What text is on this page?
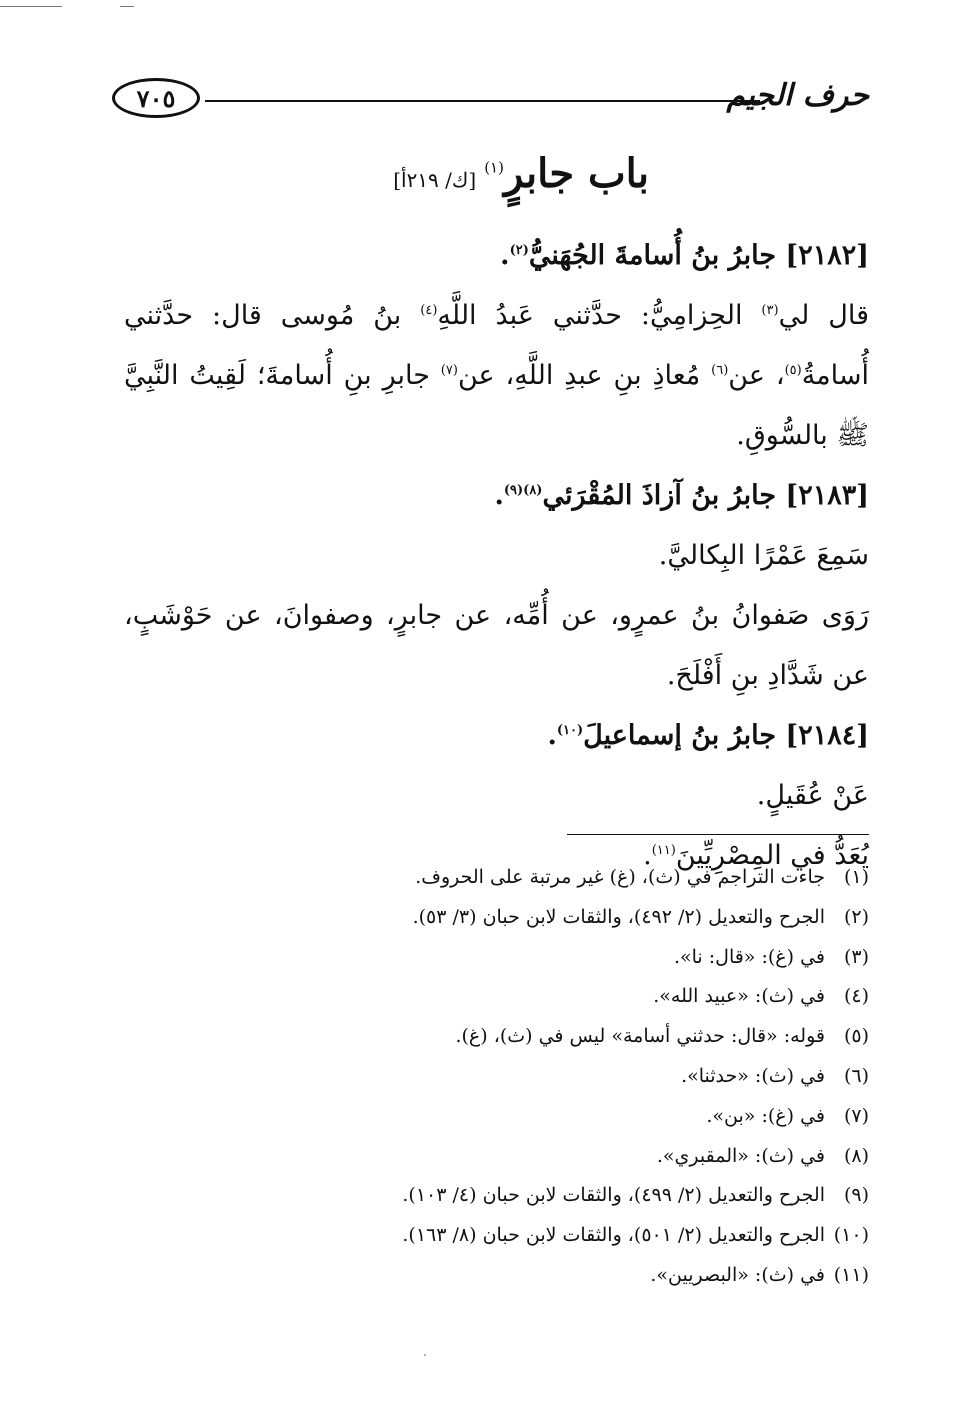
حرف الجيم
٧٠٥
باب جابرٍ$^{(١)}$[ك/ ٢١٩أ]

[٢١٨٢] جابرُ بنُ أُسامةَ الجُهَنيُّ$^{(٢)}$.

قال لي$^{(٣)}$ الحِزامِيُّ: حدَّثني عَبدُ اللَّهِ$^{(٤)}$ بنُ مُوسى قال: حدَّثني أُسامةُ$^{(٥)}$، عن$^{(٦)}$ مُعاذِ بنِ عبدِ اللَّهِ، عن$^{(٧)}$ جابرِ بنِ أُسامةَ؛ لَقِيتُ النَّبِيَّ ﷺ بالسُّوقِ.

[٢١٨٣] جابرُ بنُ آزاذَ المُقْرَئي$^{(٨)(٩)}$.

سَمِعَ عَمْرًا البِكاليَّ.

رَوَى صَفوانُ بنُ عمرٍو، عن أُمِّه، عن جابرٍ، وصفوانَ، عن حَوْشَبٍ، عن شَدَّادِ بنِ أَفْلَحَ.

[٢١٨٤] جابرُ بنُ إسماعيلَ$^{(١٠)}$.

عَنْ عُقَيلٍ.

يُعَدُّ في المِصْرِيِّينَ$^{(١١)}$.

(١)جاءت التراجم في (ث)، (غ) غير مرتبة على الحروف.
(٢)الجرح والتعديل (٢/ ٤٩٢)، والثقات لابن حبان (٣/ ٥٣).
(٣)في (غ): «قال: نا».
(٤)في (ث): «عبيد الله».
(٥)قوله: «قال: حدثني أسامة» ليس في (ث)، (غ).
(٦)في (ث): «حدثنا».
(٧)في (غ): «بن».
(٨)في (ث): «المقبري».
(٩)الجرح والتعديل (٢/ ٤٩٩)، والثقات لابن حبان (٤/ ١٠٣).
(١٠)الجرح والتعديل (٢/ ٥٠١)، والثقات لابن حبان (٨/ ١٦٣).
(١١)في (ث): «البصريين».
